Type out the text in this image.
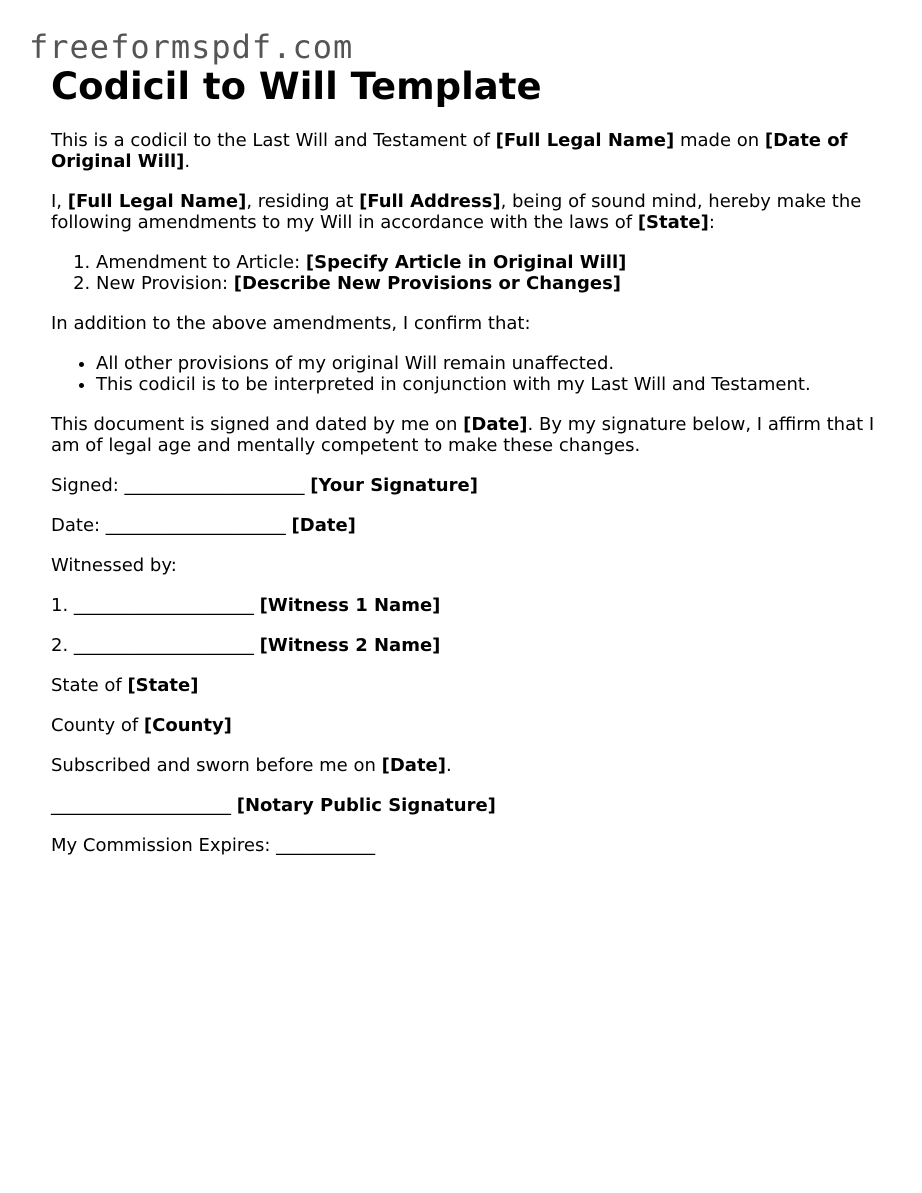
freeformspdf.com
Codicil to Will Template

This is a codicil to the Last Will and Testament of [Full Legal Name] made on [Date of Original Will].

I, [Full Legal Name], residing at [Full Address], being of sound mind, hereby make the following amendments to my Will in accordance with the laws of [State]:

1. Amendment to Article: [Specify Article in Original Will]
2. New Provision: [Describe New Provisions or Changes]

In addition to the above amendments, I confirm that:

• All other provisions of my original Will remain unaffected.
• This codicil is to be interpreted in conjunction with my Last Will and Testament.

This document is signed and dated by me on [Date]. By my signature below, I affirm that I am of legal age and mentally competent to make these changes.

Signed: ____________________ [Your Signature]

Date: ____________________ [Date]

Witnessed by:

1. ____________________ [Witness 1 Name]

2. ____________________ [Witness 2 Name]

State of [State]

County of [County]

Subscribed and sworn before me on [Date].

____________________ [Notary Public Signature]

My Commission Expires: ___________
